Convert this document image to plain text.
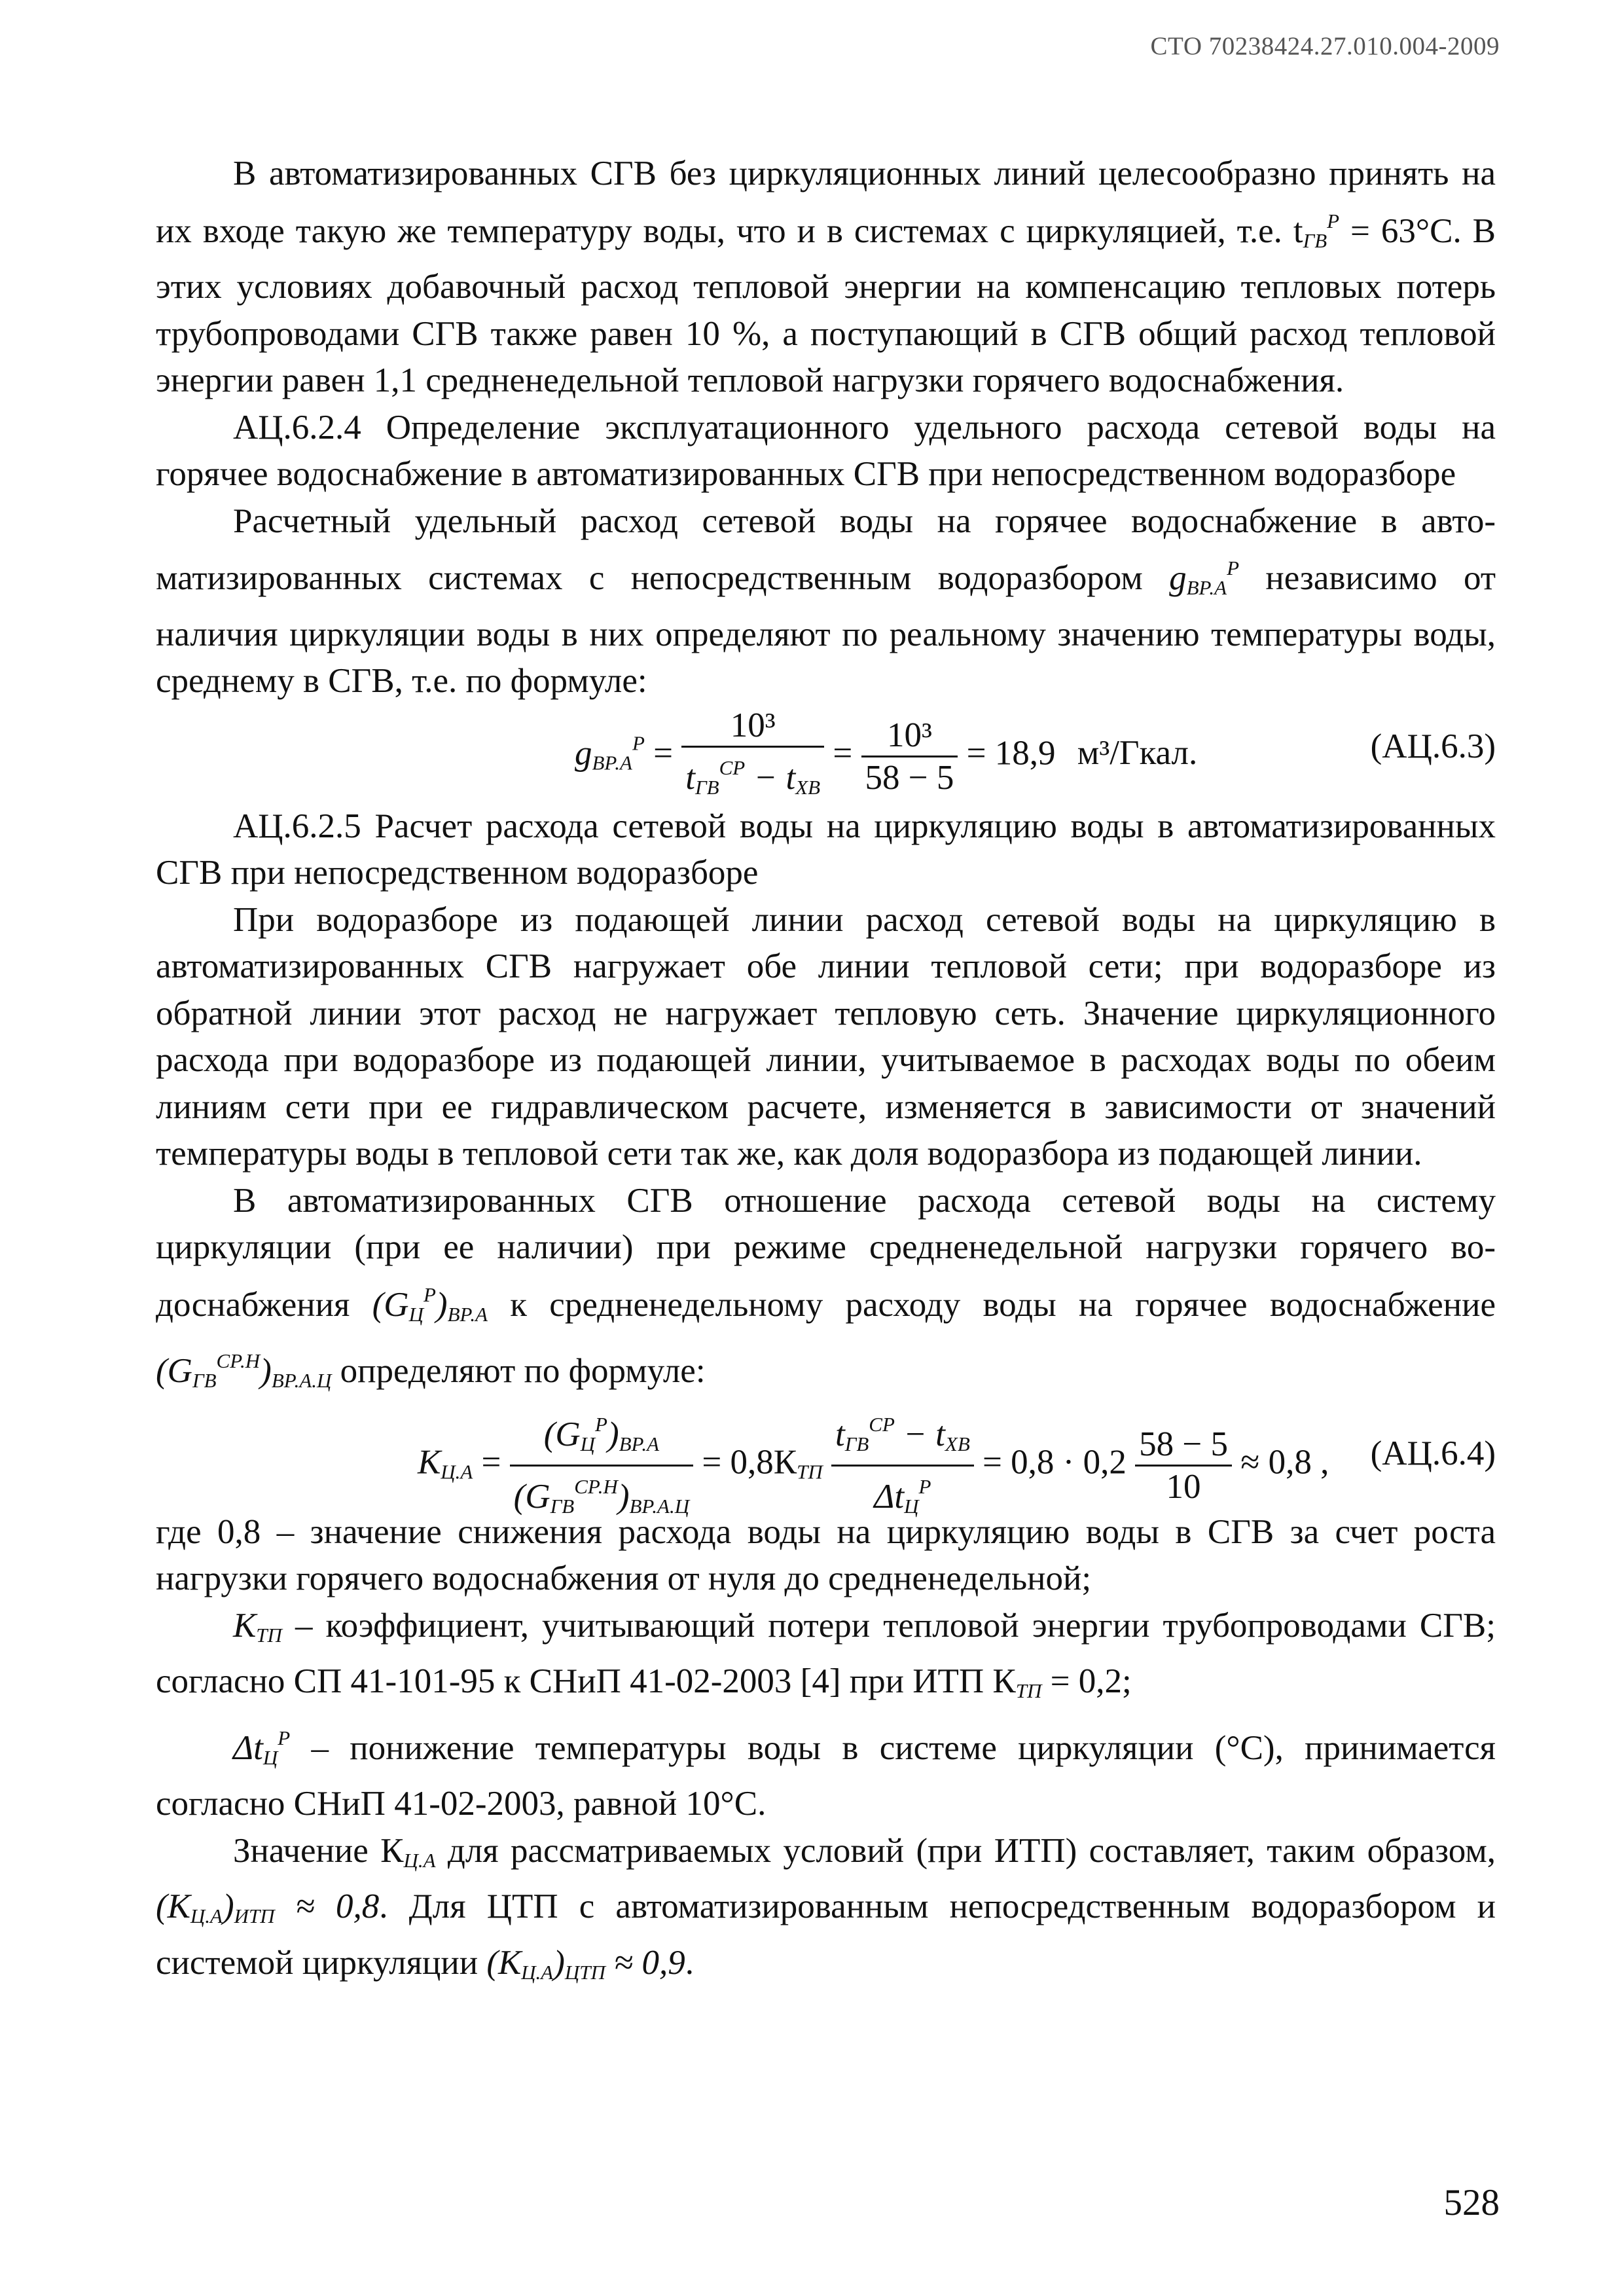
СТО 70238424.27.010.004-2009

В автоматизированных СГВ без циркуляционных линий целесообразно принять на их входе такую же температуру воды, что и в системах с циркуляцией, т.е. $t_{ГВ}^Р = 63^\circ С$. В этих условиях добавочный расход тепловой энергии на компенсацию тепловых потерь трубопроводами СГВ также равен 10 %, а поступающий в СГВ общий расход тепловой энергии равен 1,1 средненедельной тепловой нагрузки горячего водоснабжения.

АЦ.6.2.4 Определение эксплуатационного удельного расхода сетевой воды на горячее водоснабжение в автоматизированных СГВ при непосредственном водоразборе

Расчетный удельный расход сетевой воды на горячее водоснабжение в автоматизированных системах с непосредственным водоразбором $g_{ВР.А}^Р$ независимо от наличия циркуляции воды в них определяют по реальному значению температуры воды, среднему в СГВ, т.е. по формуле:

$g_{ВР.А}^Р = \frac{\text{10³}}{t_{ГВ}^{СР} - t_{ХВ}} = \frac{\text{10³}}{58 - 5} = 18,9$ м³/Гкал.	(АЦ.6.3)

АЦ.6.2.5 Расчет расхода сетевой воды на циркуляцию воды в автоматизированных СГВ при непосредственном водоразборе

При водоразборе из подающей линии расход сетевой воды на циркуляцию в автоматизированных СГВ нагружает обе линии тепловой сети; при водоразборе из обратной линии этот расход не нагружает тепловую сеть. Значение циркуляционного расхода при водоразборе из подающей линии, учитываемое в расходах воды по обеим линиям сети при ее гидравлическом расчете, изменяется в зависимости от значений температуры воды в тепловой сети так же, как доля водоразбора из подающей линии.

В автоматизированных СГВ отношение расхода сетевой воды на систему циркуляции (при ее наличии) при режиме средненедельной нагрузки горячего водоснабжения $(G_Ц^Р)_{ВР.А}$ к средненедельному расходу воды на горячее водоснабжение $(G_{ГВ}^{СР.Н})_{ВР.А.Ц}$ определяют по формуле:

$К_{Ц.А} = \frac{(G_Ц^Р)_{ВР.А}}{(G_{ГВ}^{СР.Н})_{ВР.А.Ц}} = 0,8К_{ТП} \frac{t_{ГВ}^{СР} - t_{ХВ}}{\Delta t_Ц^Р} = 0,8 \cdot 0,2 \frac{58 - 5}{10} \approx 0,8$ , (АЦ.6.4)

где 0,8 – значение снижения расхода воды на циркуляцию воды в СГВ за счет роста нагрузки горячего водоснабжения от нуля до средненедельной;

$К_{ТП}$ – коэффициент, учитывающий потери тепловой энергии трубопроводами СГВ; согласно СП 41-101-95 к СНиП 41-02-2003 [4] при ИТП $К_{ТП} = 0,2$;

$\Delta t_Ц^Р$ – понижение температуры воды в системе циркуляции (°С), принимается согласно СНиП 41-02-2003, равной 10°С.

Значение $К_{Ц.А}$ для рассматриваемых условий (при ИТП) составляет, таким образом, $(К_{Ц.А})_{ИТП} \approx 0,8$. Для ЦТП с автоматизированным непосредственным водоразбором и системой циркуляции $(К_{Ц.А})_{ЦТП} \approx 0,9$.

528
